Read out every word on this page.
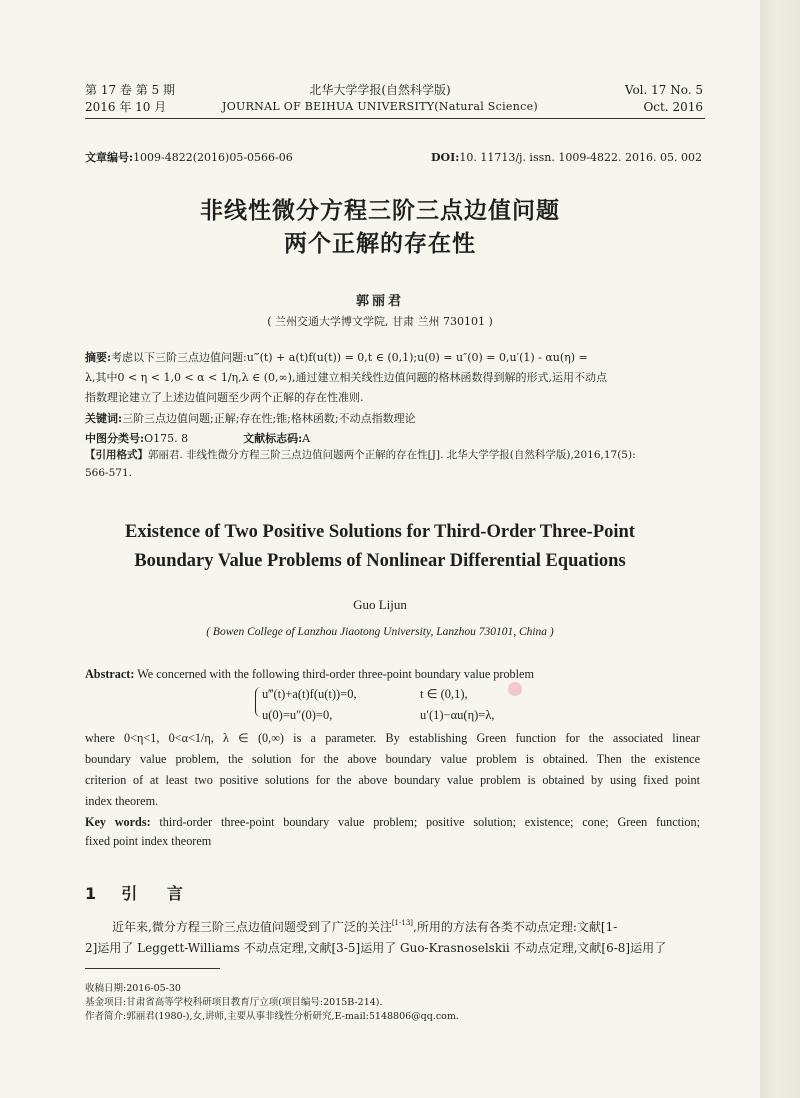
第 17 卷 第 5 期
2016 年 10 月
北华大学学报(自然科学版)
JOURNAL OF BEIHUA UNIVERSITY(Natural Science)
Vol. 17 No. 5
Oct. 2016
文章编号:1009-4822(2016)05-0566-06	DOI:10. 11713/j. issn. 1009-4822. 2016. 05. 002
非线性微分方程三阶三点边值问题
两个正解的存在性
郭丽君
( 兰州交通大学博文学院, 甘肃 兰州 730101 )
摘要:考虑以下三阶三点边值问题:u‴(t) + a(t)f(u(t)) = 0,t ∈ (0,1);u(0) = u″(0) = 0,u′(1) - αu(η) =
λ,其中0 < η < 1,0 < α < 1/η,λ ∈ (0,∞),通过建立相关线性边值问题的格林函数得到解的形式,运用不动点
指数理论建立了上述边值问题至少两个正解的存在性准则.
关键词:三阶三点边值问题;正解;存在性;锥;格林函数;不动点指数理论
中图分类号:O175. 8	文献标志码:A
【引用格式】郭丽君. 非线性微分方程三阶三点边值问题两个正解的存在性[J]. 北华大学学报(自然科学版),2016,17(5):
566-571.
Existence of Two Positive Solutions for Third-Order Three-Point
Boundary Value Problems of Nonlinear Differential Equations
Guo Lijun
( Bowen College of Lanzhou Jiaotong University, Lanzhou 730101, China )
Abstract: We concerned with the following third-order three-point boundary value problem
u‴(t)+a(t)f(u(t))=0,	t ∈ (0,1),
u(0)=u″(0)=0,	u′(1)−αu(η)=λ,
where 0<η<1, 0<α<1/η, λ ∈ (0,∞) is a parameter. By establishing Green function for the associated linear
boundary value problem, the solution for the above boundary value problem is obtained. Then the existence
criterion of at least two positive solutions for the above boundary value problem is obtained by using fixed point
index theorem.
Key words: third-order three-point boundary value problem; positive solution; existence; cone; Green function;
fixed point index theorem
1 引 言
近年来,微分方程三阶三点边值问题受到了广泛的关注[1-13],所用的方法有各类不动点定理:文献[1-
2]运用了 Leggett-Williams 不动点定理,文献[3-5]运用了 Guo-Krasnoselskii 不动点定理,文献[6-8]运用了
收稿日期:2016-05-30
基金项目:甘肃省高等学校科研项目教育厅立项(项目编号:2015B-214).
作者简介:郭丽君(1980-),女,讲师,主要从事非线性分析研究,E-mail:5148806@qq.com.
